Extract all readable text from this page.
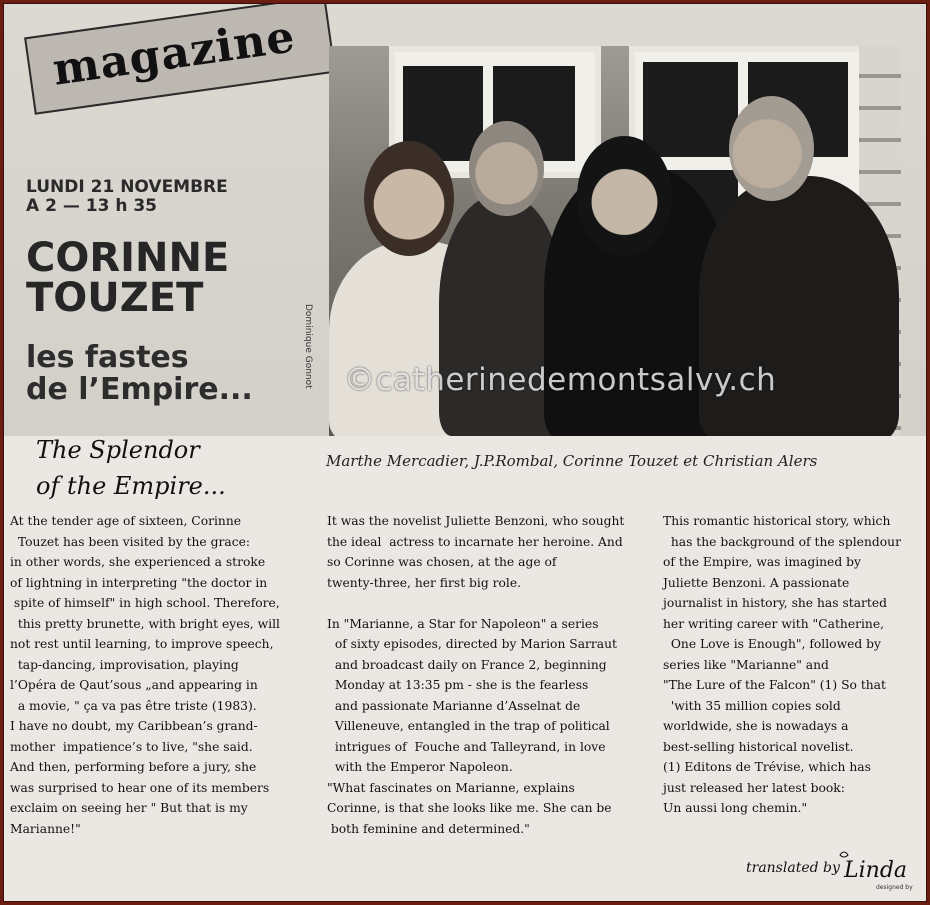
magazine
LUNDI 21 NOVEMBRE
A 2 — 13 h 35
CORINNE
TOUZET
les fastes
de l’Empire...
Dominique Gonnot ©catherinedemontsalvy.ch
The Splendor
of the Empire...
Marthe Mercadier, J.P.Rombal, Corinne Touzet et Christian Alers
At the tender age of sixteen, Corinne
Touzet has been visited by the grace:
in other words, she experienced a stroke
of lightning in interpreting "the doctor in
spite of himself" in high school. Therefore,
this pretty brunette, with bright eyes, will
not rest until learning, to improve speech,
tap-dancing, improvisation, playing
l’Opéra de Qaut’sous „and appearing in
a movie, " ça va pas être triste (1983).
I have no doubt, my Caribbean’s grand-
mother  impatience’s to live, "she said.
And then, performing before a jury, she
was surprised to hear one of its members
exclaim on seeing her " But that is my
Marianne!"
It was the novelist Juliette Benzoni, who sought
the ideal  actress to incarnate her heroine. And
so Corinne was chosen, at the age of
twenty-three, her first big role.

In "Marianne, a Star for Napoleon" a series
of sixty episodes, directed by Marion Sarraut
and broadcast daily on France 2, beginning
Monday at 13:35 pm - she is the fearless
and passionate Marianne d’Asselnat de
Villeneuve, entangled in the trap of political
intrigues of  Fouche and Talleyrand, in love
with the Emperor Napoleon.
"What fascinates on Marianne, explains
Corinne, is that she looks like me. She can be
both feminine and determined."
This romantic historical story, which
has the background of the splendour
of the Empire, was imagined by
Juliette Benzoni. A passionate
journalist in history, she has started
her writing career with "Catherine,
One Love is Enough", followed by
series like "Marianne" and
"The Lure of the Falcon" (1) So that
'with 35 million copies sold
worldwide, she is nowadays a
best-selling historical novelist.
(1) Editons de Trévise, which has
just released her latest book:
Un aussi long chemin."
translated by Linda
designed by
